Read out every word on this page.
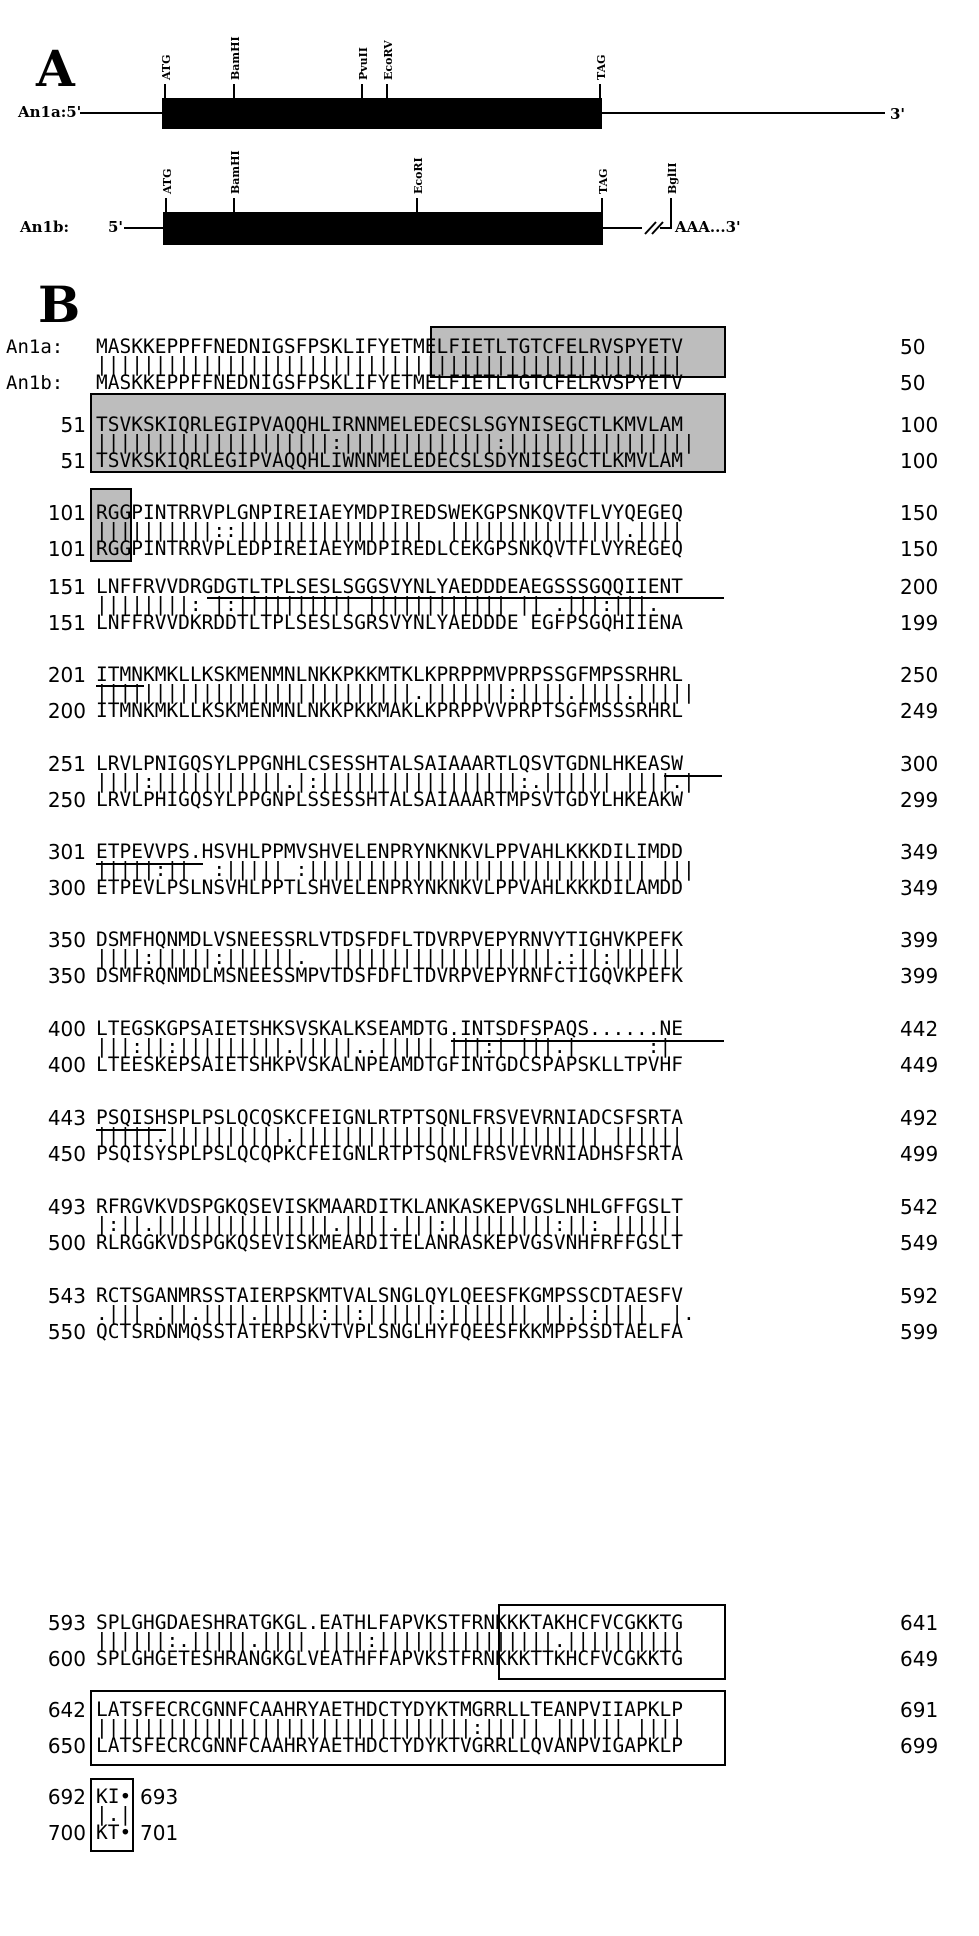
A
An1a:5'	3'
ATG	BamHI	PvuII EcoRV	TAG
An1b:	5'	AAA...3'
ATG	BamHI	EcoRI	TAG	BglII
B
An1a: MASKKEPPFFNEDNIGSFPSKLIFYETMELFIETLTGTCFELRVSPYETV	50
||||||||||||||||||||||||||||||||||||||||||||||||||
An1b: MASKKEPPFFNEDNIGSFPSKLIFYETMELFIETLTGTCFELRVSPYETV	50
51 TSVKSKIQRLEGIPVAQQHLIRNNMELEDECSLSGYNISEGCTLKMVLAM	100
||||||||||||||||||||:|||||||||||||:||||||||||||||||
51 TSVKSKIQRLEGIPVAQQHLIWNNMELEDECSLSDYNISEGCTLKMVLAM	100
101 RGGPINTRRVPLGNPIREIAEYMDPIREDSWEKGPSNKQVTFLVYQEGEQ	150
||||||||||::||||||||||||||||  |||||||||||||||.||||
101 RGGPINTRRVPLEDPIREIAEYMDPIREDLCEKGPSNKQVTFLVYREGEQ	150
151 LNFFRVVDRGDGTLTPLSESLSGGSVYNLYAEDDDEAEGSSSGQQIIENT	200
||||||||: |:|||||||||| |||||||||||| || .|||:|||.
151 LNFFRVVDKRDDTLTPLSESLSGRSVYNLYAEDDDE EGFPSGQHIIENA	199
201 ITMNKMKLLKSKMENMNLNKKPKKMTKLKPRPPMVPRPSSGFMPSSRHRL	250
|||||||||||||||||||||||||||.|||||||:||||.||||.|||||
200 ITMNKMKLLKSKMENMNLNKKPKKMAKLKPRPPVVPRPTSGFMSSSRHRL	249
251 LRVLPNIGQSYLPPGNHLCSESSHTALSAIAAARTLQSVTGDNLHKEASW	300
||||:|||||||||||.|:|||||||||||||||||:.|||||| ||||.|
250 LRVLPHIGQSYLPPGNPLSSESSHTALSAIAAARTMPSVTGDYLHKEAKW	299
301 ETPEVVPS.HSVHLPPMVSHVELENPRYNKNKVLPPVAHLKKKDILIMDD	349
|||||:||  :||||| :||||||||||||||||||||||||||||| |||
300 ETPEVLPSLNSVHLPPTLSHVELENPRYNKNKVLPPVAHLKKKDILAMDD	349
350 DSMFHQNMDLVSNEESSRLVTDSFDFLTDVRPVEPYRNVYTIGHVKPEFK	399
||||:|||||:||||||.  |||||||||||||||||||.:||:||||||
350 DSMFRQNMDLMSNEESSMPVTDSFDFLTDVRPVEPYRNFCTIGQVKPEFK	399
400 LTEGSKGPSAIETSHKSVSKALKSEAMDTG.INTSDFSPAQS......NE	442
|||:||:|||||||||.|||||..||||| |||:| |||.|      :|
400 LTEESKEPSAIETSHKPVSKALNPEAMDTGFINTGDCSPAPSKLLTPVHF	449
443 PSQISHSPLPSLQCQSKCFEIGNLRTPTSQNLFRSVEVRNIADCSFSRTA	492
|||||.||||||||||.|||||||||||||||||||||||||| ||||||
450 PSQISYSPLPSLQCQPKCFEIGNLRTPTSQNLFRSVEVRNIADHSFSRTA	499
493 RFRGVKVDSPGKQSEVISKMAARDITKLANKASKEPVGSLNHLGFFGSLT	542
|:||.|||||||||||||||.||||.|||:|||||||||:||: ||||||
500 RLRGGKVDSPGKQSEVISKMEARDITELANRASKEPVGSVNHFRFFGSLT	549
543 RCTSGANMRSSTAIERPSKMTVALSNGLQYLQEESFKGMPSSCDTAESFV	592
.||| .||.||||.|||||:||:||||||:||||||| ||.|:||||  |.
550 QCTSRDNMQSSTATERPSKVTVPLSNGLHYFQEESFKKMPPSSDTAELFA	599
593 SPLGHGDAESHRATGKGL.EATHLFAPVKSTFRNKKKTAKHCFVCGKKTG	641
||||||:.|||||.|||| ||||:|||||||||||||||.||||||||||
600 SPLGHGETESHRANGKGLVEATHFFAPVKSTFRNKKKTTKHCFVCGKKTG	649
642 LATSFECRCGNNFCAAHRYAETHDCTYDYKTMGRRLLTEANPVIIAPKLP	691
||||||||||||||||||||||||||||||||:||||| |||||| ||||
650 LATSFECRCGNNFCAAHRYAETHDCTYDYKTVGRRLLQVANPVIGAPKLP	699
692 KI• 693
|.|
700 KT• 701
